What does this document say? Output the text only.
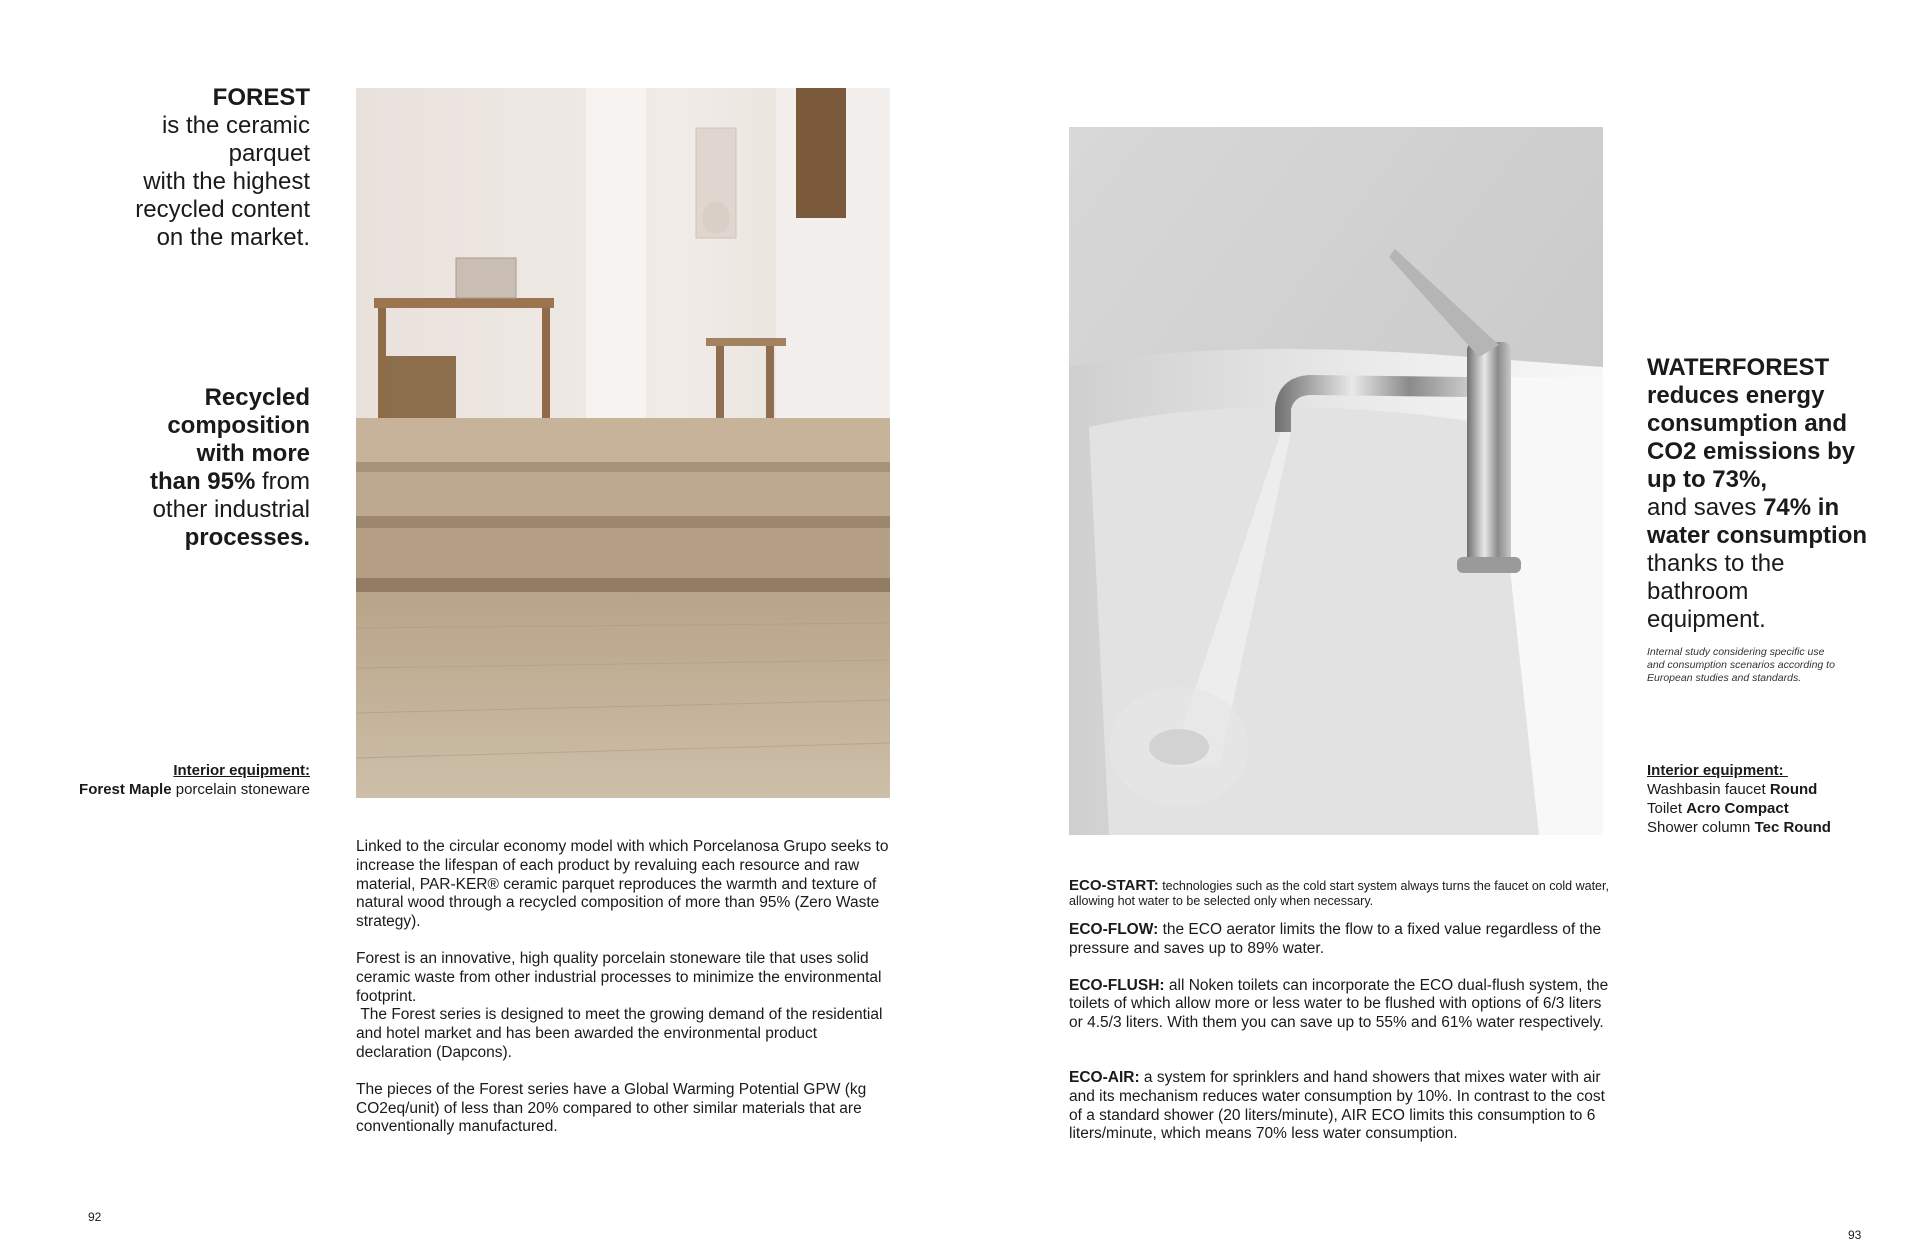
FOREST

is the ceramic

parquet

with the highest

recycled content

on the market.

Recycled

composition

with more

than 95% from

other industrial

processes.

Interior equipment:

Forest Maple porcelain stoneware

Linked to the circular economy model with which Porcelanosa Grupo seeks to increase the lifespan of each product by revaluing each resource and raw material, PAR-KER® ceramic parquet reproduces the warmth and texture of natural wood through a recycled composition of more than 95% (Zero Waste strategy).

Forest is an innovative, high quality porcelain stoneware tile that uses solid ceramic waste from other industrial processes to minimize the environmental footprint.

The Forest series is designed to meet the growing demand of the residential and hotel market and has been awarded the environmental product declaration (Dapcons).

The pieces of the Forest series have a Global Warming Potential GPW (kg CO2eq/unit) of less than 20% compared to other similar materials that are conventionally manufactured.

92

WATERFOREST

reduces energy

consumption and

CO2 emissions by

up to 73%,

and saves 74% in

water consumption

thanks to the

bathroom

equipment.

Internal study considering specific use

and consumption scenarios according to

European studies and standards.

Interior equipment:

Washbasin faucet Round

Toilet Acro Compact

Shower column Tec Round

ECO-START: technologies such as the cold start system always turns the faucet on cold water, allowing hot water to be selected only when necessary.

ECO-FLOW: the ECO aerator limits the flow to a fixed value regardless of the pressure and saves up to 89% water.

ECO-FLUSH: all Noken toilets can incorporate the ECO dual-flush system, the toilets of which allow more or less water to be flushed with options of 6/3 liters or 4.5/3 liters. With them you can save up to 55% and 61% water respectively.

ECO-AIR: a system for sprinklers and hand showers that mixes water with air and its mechanism reduces water consumption by 10%. In contrast to the cost of a standard shower (20 liters/minute), AIR ECO limits this consumption to 6 liters/minute, which means 70% less water consumption.

93
